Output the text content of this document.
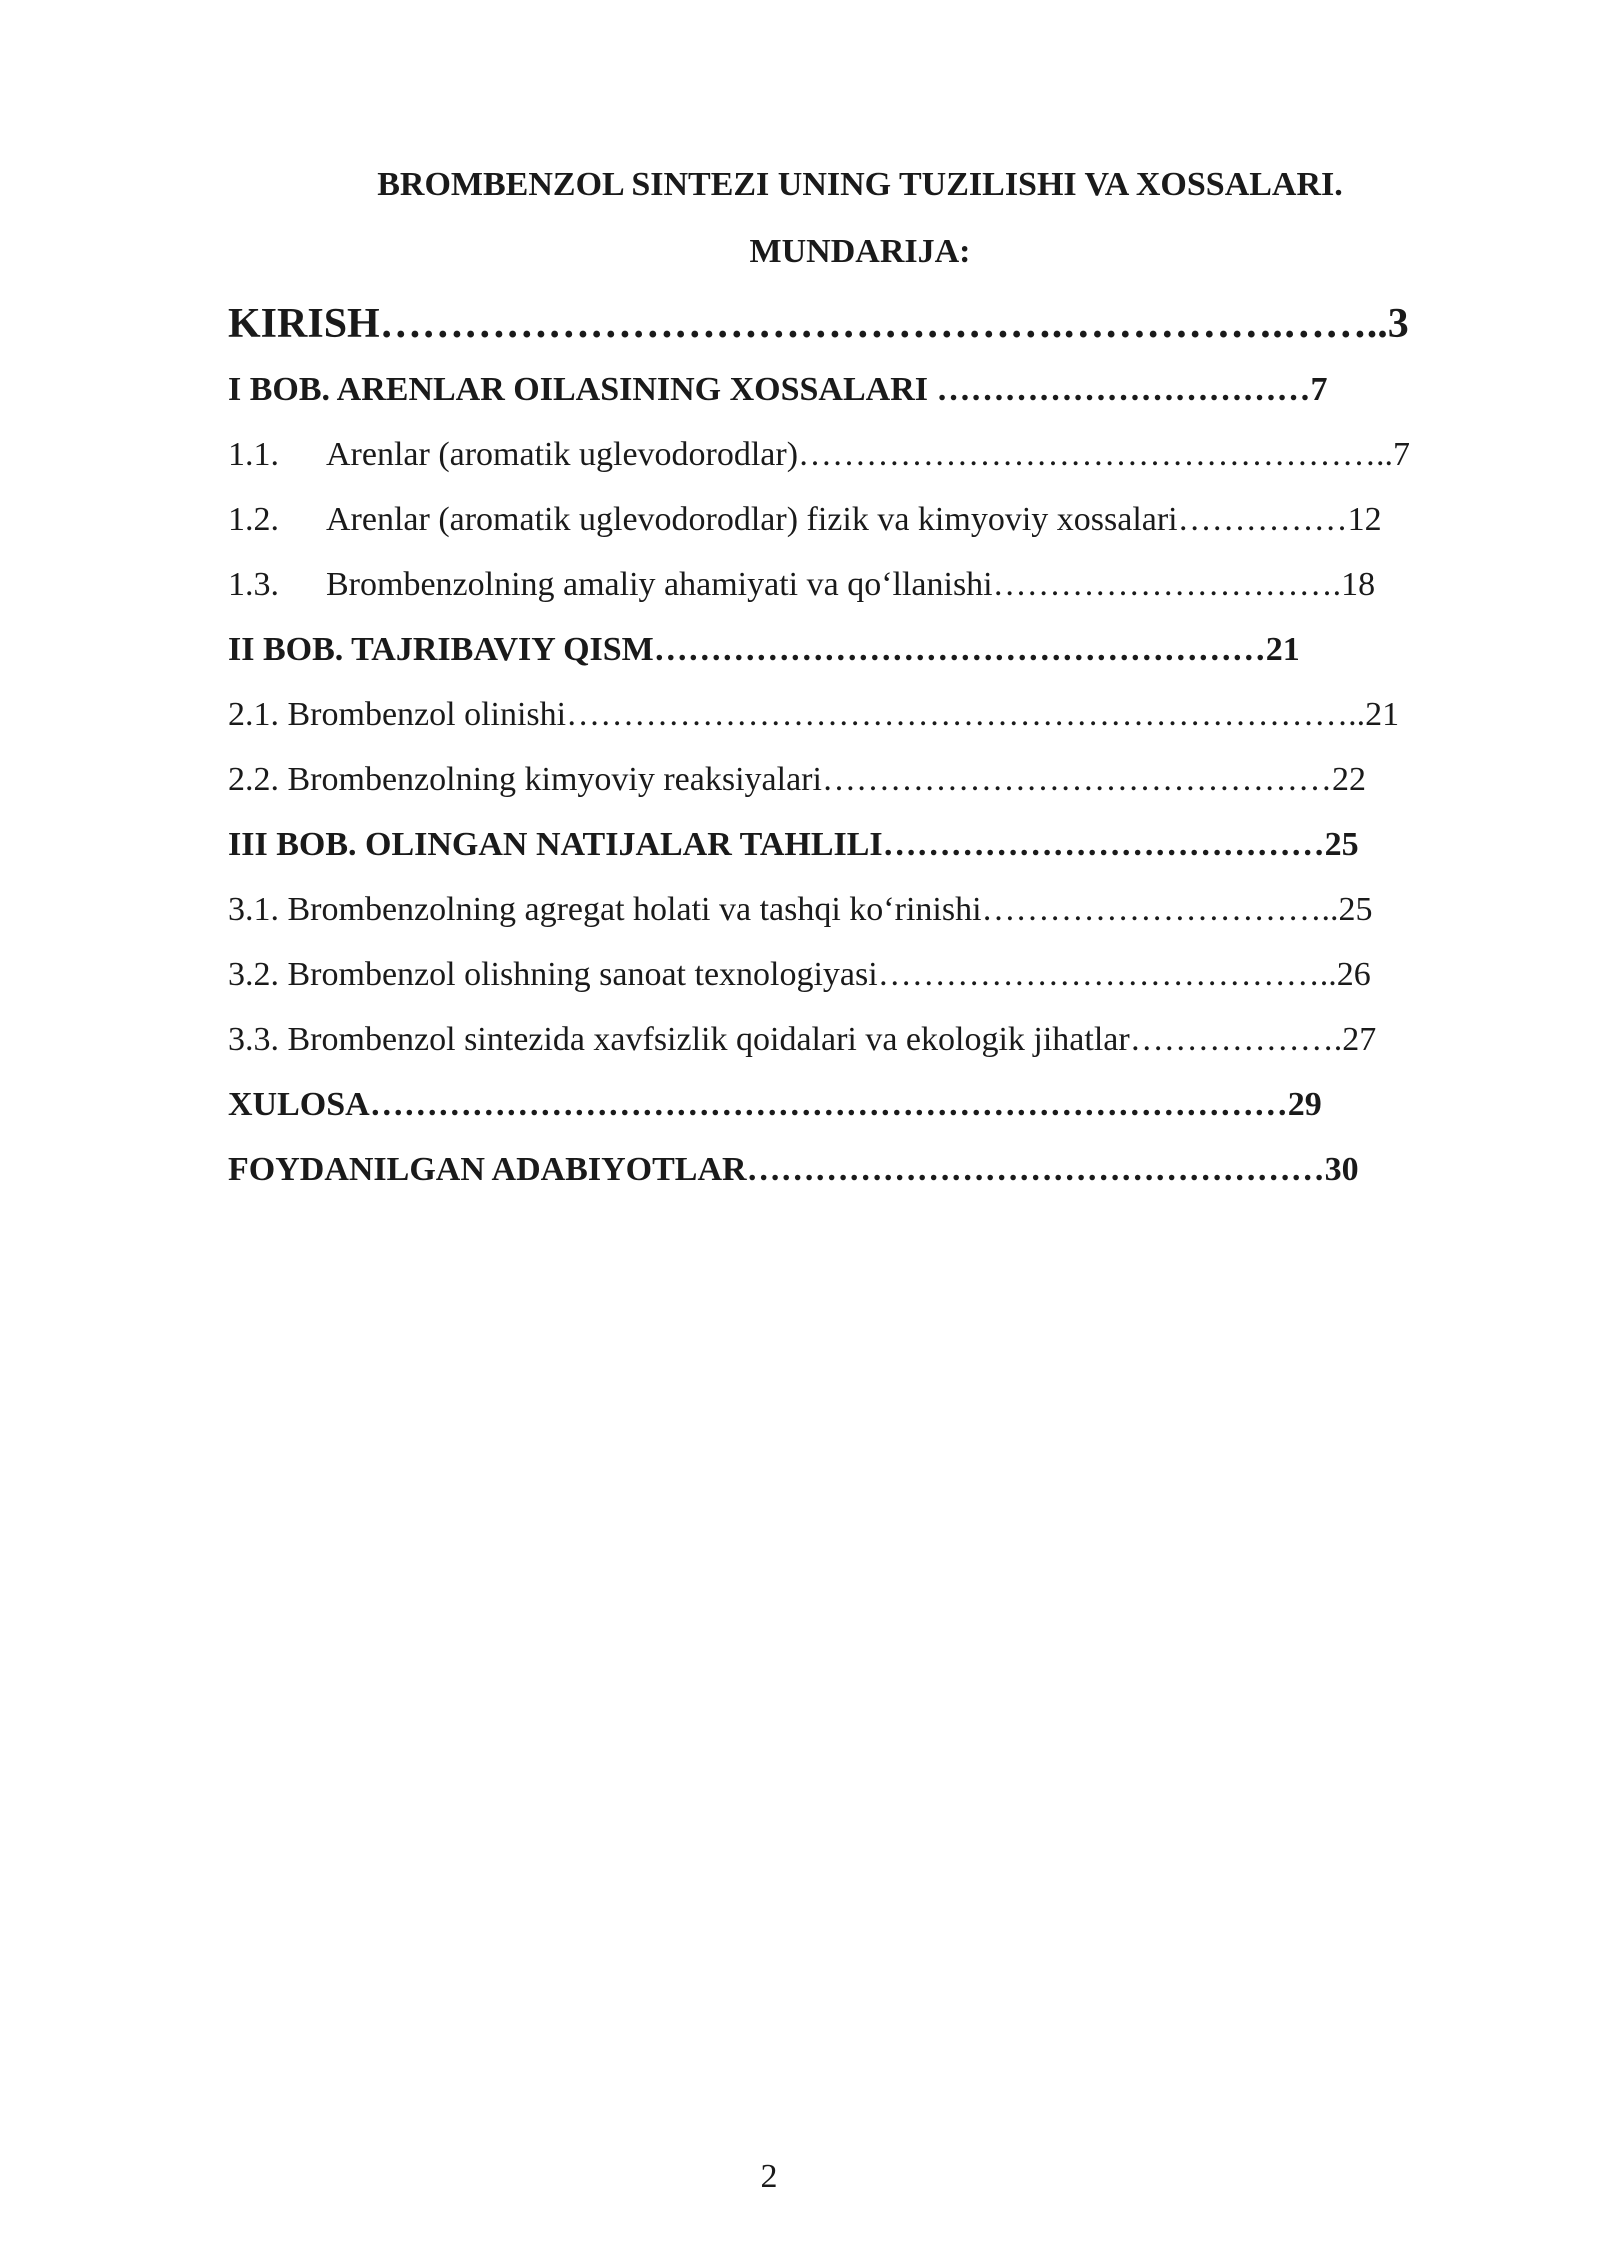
BROMBENZOL SINTEZI UNING TUZILISHI VA XOSSALARI.
MUNDARIJA:
KIRISH………………………………………….…………….……..3
I BOB. ARENLAR OILASINING XOSSALARI ……………………………7
1.1. Arenlar (aromatik uglevodorodlar)……………………………………………..7
1.2. Arenlar (aromatik uglevodorodlar) fizik va kimyoviy xossalari……………12
1.3. Brombenzolning amaliy ahamiyati va qo‘llanishi………………………….18
II BOB. TAJRIBAVIY QISM………………………………………………21
2.1. Brombenzol olinishi……………………………………………………………..21
2.2. Brombenzolning kimyoviy reaksiyalari………………………………………22
III BOB. OLINGAN NATIJALAR TAHLILI…………………………………25
3.1. Brombenzolning agregat holati va tashqi ko‘rinishi…………………………..25
3.2. Brombenzol olishning sanoat texnologiyasi…………………………………..26
3.3. Brombenzol sintezida xavfsizlik qoidalari va ekologik jihatlar……………….27
XULOSA………………………………………………………………………29
FOYDANILGAN ADABIYOTLAR……………………………………………30
2
